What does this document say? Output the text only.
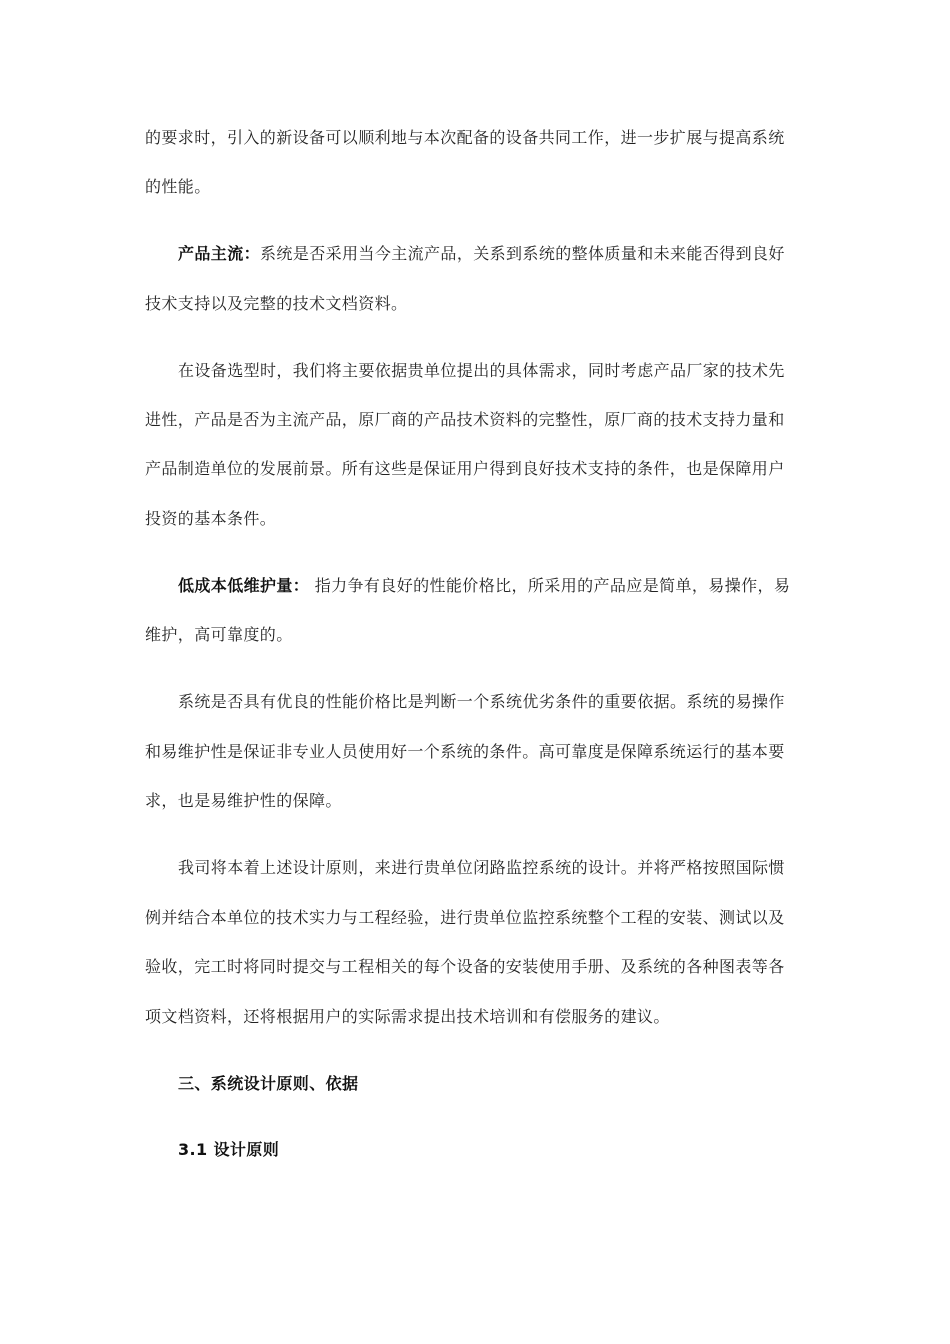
的要求时，引入的新设备可以顺利地与本次配备的设备共同工作，进一步扩展与提高系统
的性能。
产品主流：系统是否采用当今主流产品，关系到系统的整体质量和未来能否得到良好
技术支持以及完整的技术文档资料。
在设备选型时，我们将主要依据贵单位提出的具体需求，同时考虑产品厂家的技术先
进性，产品是否为主流产品，原厂商的产品技术资料的完整性，原厂商的技术支持力量和
产品制造单位的发展前景。所有这些是保证用户得到良好技术支持的条件，也是保障用户
投资的基本条件。
低成本低维护量： 指力争有良好的性能价格比，所采用的产品应是简单，易操作，易
维护，高可靠度的。
系统是否具有优良的性能价格比是判断一个系统优劣条件的重要依据。系统的易操作
和易维护性是保证非专业人员使用好一个系统的条件。高可靠度是保障系统运行的基本要
求，也是易维护性的保障。
我司将本着上述设计原则，来进行贵单位闭路监控系统的设计。并将严格按照国际惯
例并结合本单位的技术实力与工程经验，进行贵单位监控系统整个工程的安装、测试以及
验收，完工时将同时提交与工程相关的每个设备的安装使用手册、及系统的各种图表等各
项文档资料，还将根据用户的实际需求提出技术培训和有偿服务的建议。
三、系统设计原则、依据
3.1 设计原则
